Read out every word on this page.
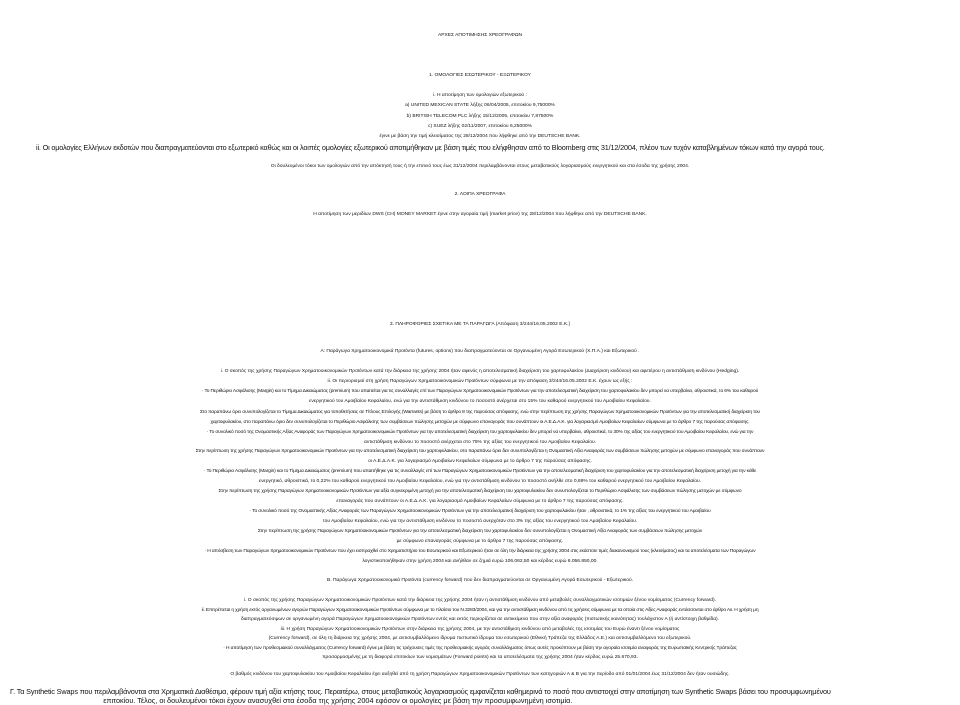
ΑΡΧΕΣ ΑΠΟΤΙΜΗΣΗΣ ΧΡΕΟΓΡΑΦΩΝ
1. ΟΜΟΛΟΓΙΕΣ ΕΣΩΤΕΡΙΚΟΥ - ΕΞΩΤΕΡΙΚΟΥ
i. Η αποτίμηση των ομολογιών εξωτερικού :
a) UNITED MEXICAN STATE λήξης 06/04/2005, επιτοκίου 9,75000%
b) BRITISH TELECOM PLC λήξης 15/12/2005, επιτοκίου 7,87500%
c) SUEZ λήξης 02/11/2007, επιτοκίου 6,25000%
έγινε με βάση την τιμή κλεισίματος της 28/12/2004 που λήφθηκε από την DEUTSCHE BANK.
ii. Οι ομολογίες Ελλήνων εκδοτών που διαπραγματεύονται στο εξωτερικό καθώς και οι λοιπές ομολογίες εξωτερικού αποτιμήθηκαν με βάση τιμές που ελήφθησαν από το Bloomberg στις 31/12/2004, πλέον των τυχόν καταβλημένων τόκων κατά την αγορά τους.
Οι δουλευμένοι τόκοι των ομολογιών από την απόκτησή τους ή την επιτειό τους έως 31/12/2004 περιλαμβάνονται στους μεταβατικούς λογαριασμούς ενεργητικού και στα έσοδα της χρήσης 2004.
2. ΛΟΙΠΑ ΧΡΕΟΓΡΑΦΑ
Η αποτίμηση των μεριδίων DWS (CH) MONEY MARKET έγινε στην αγοραία τιμή (market price) της 28/12/2004 που λήφθηκε από την DEUTSCHE BANK.
3. ΠΛΗΡΟΦΟΡΙΕΣ ΣΧΕΤΙΚΑ ΜΕ ΤΑ ΠΑΡΑΓΩΓΑ (Απόφαση 3/244/16.05.2002 Ε.Κ.)
Α: Παράγωγα Χρηματοοικονομικά Προϊόντα (futures, options) που διαπραγματεύονται σε Οργανωμένη Αγορά Εσωτερικού (Χ.Π.Α.) και Εξωτερικού .
i. Ο σκοπός της χρήσης Παραγώγων Χρηματοοικονομικών Προϊόντων κατά την διάρκεια της χρήσης 2004 ήταν αφενός η αποτελεσματική διαχείριση του χαρτοφυλακίου (Διαχείριση κινδύνου) και αφετέρου η αντιστάθμιση κινδύνου (Hedging).
ii. Οι περιορισμοί στη χρήση Παραγώγων Χρηματοοικονομικών Προϊόντων σύμφωνα με την απόφαση 3/244/16.05.2002 Ε.Κ. έχουν ως εξής :
· Το Περιθώριο Ασφάλισης (Margin) και το Τίμημα Δικαιώματος (premium) που απαιτείται για τις συναλλαγές επί των Παραγώγων Χρηματοοικονομικών Προϊόντων για την αποτελεσματική διαχείριση του χαρτοφυλακίου δεν μπορεί να υπερβαίνει, αθροιστικά, το 6% του καθαρού
ενεργητικού του Αμοιβαίου Κεφαλαίου, ενώ για την αντιστάθμιση κινδύνου το ποσοστό ανέρχεται στο 15% του καθαρού ενεργητικού του Αμοιβαίου Κεφαλαίου.
Στο παραπάνω όριο συνυπολογίζεται το Τίμημα Δικαιώματος για τοποθετήσεις σε Τίτλους Επιλογής (Warrants) με βάση το άρθρο 8 της παρούσας απόφασης, ενώ στην περίπτωση της χρήσης Παραγώγων Χρηματοοικονομικών Προϊόντων για την αποτελεσματική διαχείριση του
χαρτοφυλακίου, στο παραπάνω όριο δεν συνυπολογίζεται το Περιθώριο Ασφάλισης των συμβάσεων πώλησης μετοχών με σύμφωνο επαναγοράς που συνάπτουν οι Α.Ε.Δ.Α.Κ. για λογαριασμό Αμοιβαίων Κεφαλαίων σύμφωνα με το άρθρο 7 της παρούσας απόφασης.
· Το συνολικό ποσό της Ονομαστικής Αξίας Αναφοράς των Παραγώγων Χρηματοοικονομικών Προϊόντων για την αποτελεσματική διαχείριση του χαρτοφυλακίου δεν μπορεί να υπερβαίνει, αθροιστικά, το 30% της αξίας του ενεργητικού του Αμοιβαίου Κεφαλαίου, ενώ για την
αντιστάθμιση κινδύνου το ποσοστό ανέρχεται στο 75% της αξίας του ενεργητικού του Αμοιβαίου Κεφαλαίου.
Στην περίπτωση της χρήσης Παραγώγων Χρηματοοικονομικών Προϊόντων για την αποτελεσματική διαχείριση του χαρτοφυλακίου, στο παραπάνω όριο δεν συνυπολογίζεται η Ονομαστική Αξία Αναφοράς των συμβάσεων πώλησης μετοχών με σύμφωνο επαναγοράς που συνάπτουν
οι Α.Ε.Δ.Α.Κ. για λογαριασμό Αμοιβαίων Κεφαλαίων σύμφωνα με το άρθρο 7 της παρούσας απόφασης.
· Το Περιθώριο Ασφάλισης (Margin) και το Τίμημα Δικαιώματος (premium) που απαιτήθηκε για τις συναλλαγές επί των Παραγώγων Χρηματοοικονομικών Προϊόντων για την αποτελεσματική διαχείριση του χαρτοφυλακίου για την αποτελεσματική διαχείριση μετοχή για την κάθε
ενεργητικό, αθροιστικά, το 0,22% του καθαρού ενεργητικού του Αμοιβαίου Κεφαλαίου, ενώ για την αντιστάθμιση κινδύνου το ποσοστό ανήλθε στο 0,69% του καθαρού ενεργητικού του Αμοιβαίου Κεφαλαίου.
Στην περίπτωση της χρήσης Παραγώγων Χρηματοοικονομικών Προϊόντων για αξία συγκεκριμένη μετοχή για την αποτελεσματική διαχείριση του χαρτοφυλακίου δεν συνυπολογίζεται το Περιθώριο Ασφάλισης των συμβάσεων πώλησης μετοχών με σύμφωνο
επαναγοράς που συνάπτουν οι Α.Ε.Δ.Α.Κ. για λογαριασμό Αμοιβαίων Κεφαλαίων σύμφωνα με το άρθρο 7 της παρούσας απόφασης.
· Το συνολικό ποσό της Ονομαστικής Αξίας Αναφοράς των Παραγώγων Χρηματοοικονομικών Προϊόντων για την αποτελεσματική διαχείριση του χαρτοφυλακίου ήταν , αθροιστικά, το 1% της αξίας του ενεργητικού του Αμοιβαίου
του Αμοιβαίου Κεφαλαίου, ενώ για την αντιστάθμιση κινδύνου το ποσοστό ανερχόταν στο 3% της αξίας του ενεργητικού του Αμοιβαίου Κεφαλαίου.
Στην περίπτωση της χρήσης Παραγώγων Χρηματοοικονομικών Προϊόντων για την αποτελεσματική διαχείριση του χαρτοφυλακίου δεν συνυπολογίζεται η Ονομαστική Αξία Αναφοράς των συμβάσεων πώλησης μετοχών
με σύμφωνο επαναγοράς σύμφωνα με το άρθρο 7 της παρούσας απόφασης.
· Η απόσβεση των Παραγώγων Χρηματοοικονομικών Προϊόντων που έχει εισπραχθεί στο Χρηματιστήριο του Εσωτερικού και Εξωτερικού ήταν σε όλη την διάρκεια της χρήσης 2004 στις εκάστοτε τιμές διακανονισμού τους (κλεισίματος) και τα αποτελέσματα των Παραγώγων
λογιστικοποιήθηκαν στην χρήση 2004 και ανήλθαν σε ζημιά ευρώ 106.062,50 και κέρδος ευρώ 6.056.850,00.
B. Παράγωγα Χρηματοοικονομικά Προϊόντα (currency forward) που δεν διαπραγματεύονται σε Οργανωμένη Αγορά Εσωτερικού - Εξωτερικού.
i. Ο σκοπός της χρήσης Παραγώγων Χρηματοοικονομικών Προϊόντων κατά την διάρκεια της χρήσης 2004 ήταν η αντιστάθμιση κινδύνου από μεταβολές συναλλαγματικών ισοτιμιών ξένου νομίσματος (Currency forward).
ii. Επιτρέπεται η χρήση εκτός οργανωμένων αγορών Παραγώγων Χρηματοοικονομικών Προϊόντων σύμφωνα με το πλαίσιο του Ν.3283/2004, και για την αντιστάθμιση κινδύνου από τις χρήσεις σύμφωνα με τα οποία στις Αξίες Αναφοράς εντάσσονται στο άρθρο Αιι. Η χρήση μη
διαπραγματεύσιμων σε οργανωμένη αγορά Παραγώγων Χρηματοοικονομικών Προϊόντων εντός και εκτός περιορίζεται σε αντικείμενα που στην αξία αναφοράς (πιστωτικής ικανότητας) τουλάχιστον Α (ή αντίστοιχη βαθμίδα).
iii. Η χρήση Παραγώγων Χρηματοοικονομικών Προϊόντων στην διάρκεια της χρήσης 2004, με την αντιστάθμιση κινδύνου από μεταβολές της ισοτιμίας του Ευρώ έναντι ξένου νομίσματος
(Currency forward), σε όλη τη διάρκεια της χρήσης 2004, με αντισυμβαλλόμενο ίδρυμα πιστωτικό ίδρυμα του εσωτερικού (Εθνική Τράπεζα της Ελλάδος Α.Ε.) και αντισυμβαλλόμενο του εξωτερικού.
· Η αποτίμηση των προθεσμιακού συναλλάγματος (Currency forward) έγινε με βάση τις τρέχουσες τιμές της προθεσμιακής αγοράς συναλλάγματος όπως αυτές προκύπτουν με βάση την αγοραία ισοτιμία αναφοράς της Ευρωπαϊκής Κεντρικής Τράπεζας
προσαρμοσμένης με τη διαφορά επιτοκίων των νομισμάτων (Forward points) και τα αποτελέσματα της χρήσης 2004 ήταν κέρδος ευρώ 25.670,93.
Ο βαθμός κινδύνου του χαρτοφυλακίου του Αμοιβαίου Κεφαλαίου έχει αυξηθεί από τη χρήση Παραγώγων Χρηματοοικονομικών Προϊόντων των κατηγοριών Α & Β για την περίοδο από 01/01/2004 έως 31/12/2004 δεν ήταν ουσιώδης.
Γ. Τα Synthetic Swaps που περιλαμβάνονται στα Χρηματικά Διαθέσιμα, φέρουν τιμή αξία κτήσης τους. Περαιτέρω, στους μεταβατικούς λογαριασμούς εμφανίζεται καθημερινά το ποσό που αντιστοιχεί στην αποτίμηση των Synthetic Swaps βάσει του προσυμφωνημένου
επιτοκίου. Τέλος, οι δουλευμένοι τόκοι έχουν ανασυχθεί στα έσοδα της χρήσης 2004 εφόσον οι ομολογίες με βάση την προσυμφωνημένη ισοτιμία.
